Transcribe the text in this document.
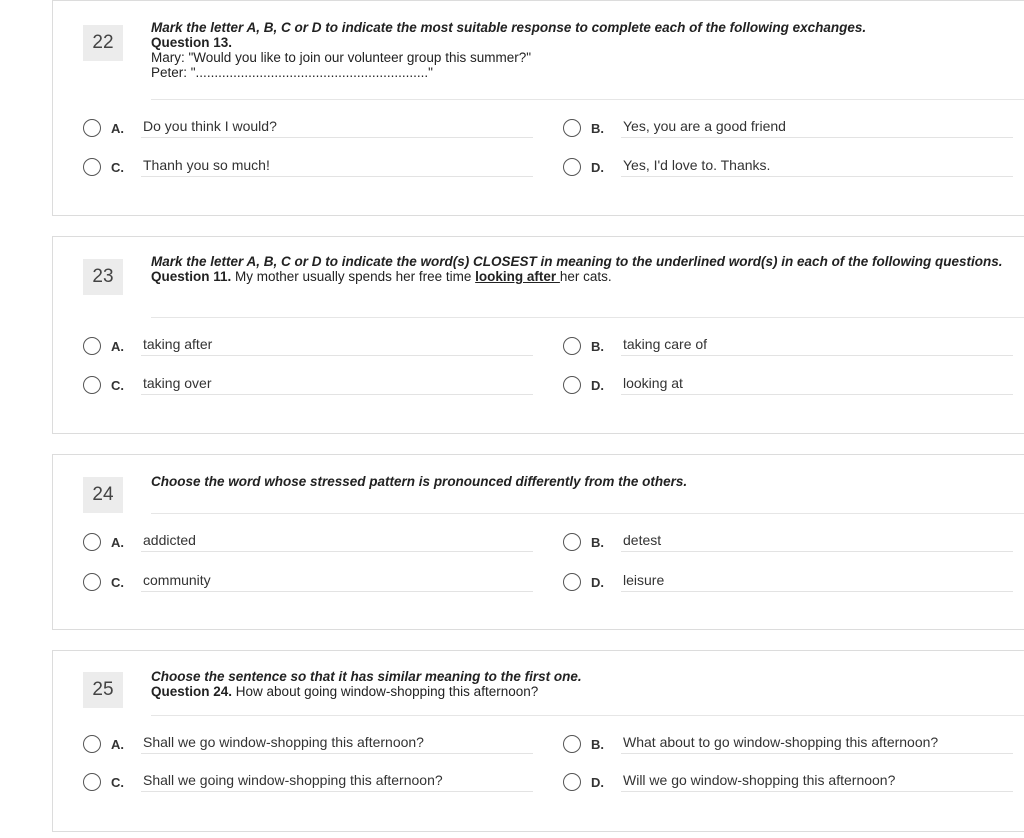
22
Mark the letter A, B, C or D to indicate the most suitable response to complete each of the following exchanges.
Question 13.
Mary: "Would you like to join our volunteer group this summer?"
Peter: ".............................................................."
A.	Do you think I would?	B.	Yes, you are a good friend
C.	Thanh you so much!	D.	Yes, I'd love to. Thanks.
23
Mark the letter A, B, C or D to indicate the word(s) CLOSEST in meaning to the underlined word(s) in each of the following questions.
Question 11. My mother usually spends her free time looking after her cats.
A.	taking after	B.	taking care of
C.	taking over	D.	looking at
24
Choose the word whose stressed pattern is pronounced differently from the others.
A.	addicted	B.	detest
C.	community	D.	leisure
25
Choose the sentence so that it has similar meaning to the first one.
Question 24. How about going window-shopping this afternoon?
A.	Shall we go window-shopping this afternoon?	B.	What about to go window-shopping this afternoon?
C.	Shall we going window-shopping this afternoon?	D.	Will we go window-shopping this afternoon?
